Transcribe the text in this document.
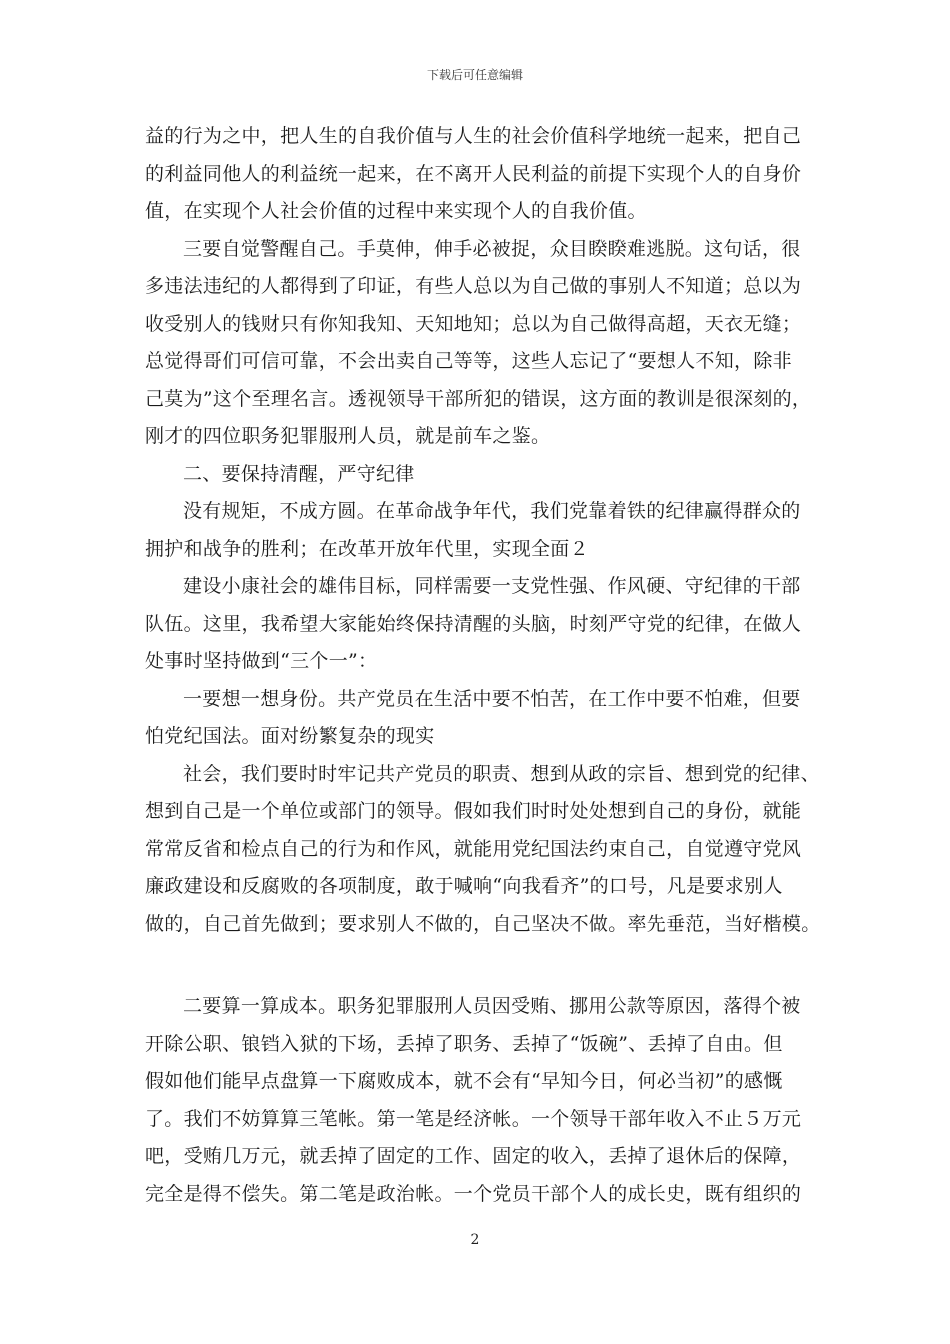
下载后可任意编辑
益的行为之中，把人生的自我价值与人生的社会价值科学地统一起来，把自己
的利益同他人的利益统一起来，在不离开人民利益的前提下实现个人的自身价
值，在实现个人社会价值的过程中来实现个人的自我价值。
三要自觉警醒自己。手莫伸，伸手必被捉，众目睽睽难逃脱。这句话，很
多违法违纪的人都得到了印证，有些人总以为自己做的事别人不知道；总以为
收受别人的钱财只有你知我知、天知地知；总以为自己做得高超，天衣无缝；
总觉得哥们可信可靠，不会出卖自己等等，这些人忘记了“要想人不知，除非
己莫为”这个至理名言。透视领导干部所犯的错误，这方面的教训是很深刻的，
刚才的四位职务犯罪服刑人员，就是前车之鉴。
二、要保持清醒，严守纪律
没有规矩，不成方圆。在革命战争年代，我们党靠着铁的纪律赢得群众的
拥护和战争的胜利；在改革开放年代里，实现全面２
建设小康社会的雄伟目标，同样需要一支党性强、作风硬、守纪律的干部
队伍。这里，我希望大家能始终保持清醒的头脑，时刻严守党的纪律，在做人
处事时坚持做到“三个一”：
一要想一想身份。共产党员在生活中要不怕苦，在工作中要不怕难，但要
怕党纪国法。面对纷繁复杂的现实
社会，我们要时时牢记共产党员的职责、想到从政的宗旨、想到党的纪律、
想到自己是一个单位或部门的领导。假如我们时时处处想到自己的身份，就能
常常反省和检点自己的行为和作风，就能用党纪国法约束自己，自觉遵守党风
廉政建设和反腐败的各项制度，敢于喊响“向我看齐”的口号，凡是要求别人
做的，自己首先做到；要求别人不做的，自己坚决不做。率先垂范，当好楷模。
二要算一算成本。职务犯罪服刑人员因受贿、挪用公款等原因，落得个被
开除公职、锒铛入狱的下场，丢掉了职务、丢掉了“饭碗”、丢掉了自由。但
假如他们能早点盘算一下腐败成本，就不会有“早知今日，何必当初”的感慨
了。我们不妨算算三笔帐。第一笔是经济帐。一个领导干部年收入不止５万元
吧，受贿几万元，就丢掉了固定的工作、固定的收入，丢掉了退休后的保障，
完全是得不偿失。第二笔是政治帐。一个党员干部个人的成长史，既有组织的
2
